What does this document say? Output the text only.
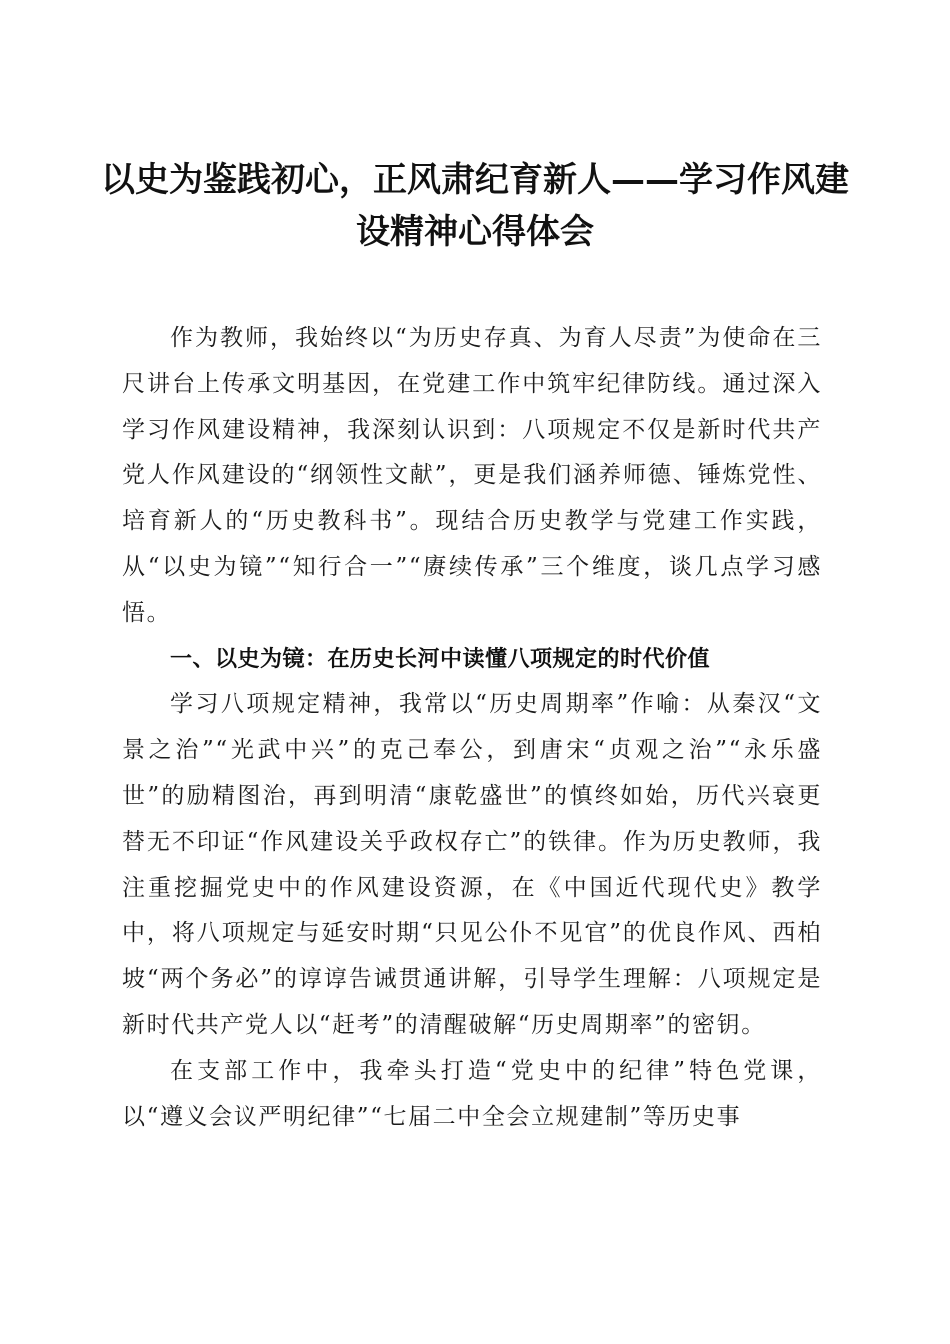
以史为鉴践初心，正风肃纪育新人——学习作风建设精神心得体会

作为教师，我始终以“为历史存真、为育人尽责”为使命在三尺讲台上传承文明基因，在党建工作中筑牢纪律防线。通过深入学习作风建设精神，我深刻认识到：八项规定不仅是新时代共产党人作风建设的“纲领性文献”，更是我们涵养师德、锤炼党性、培育新人的“历史教科书”。现结合历史教学与党建工作实践，从“以史为镜”“知行合一”“赓续传承”三个维度，谈几点学习感悟。

一、以史为镜：在历史长河中读懂八项规定的时代价值

学习八项规定精神，我常以“历史周期率”作喻：从秦汉“文景之治”“光武中兴”的克己奉公，到唐宋“贞观之治”“永乐盛世”的励精图治，再到明清“康乾盛世”的慎终如始，历代兴衰更替无不印证“作风建设关乎政权存亡”的铁律。作为历史教师，我注重挖掘党史中的作风建设资源，在《中国近代现代史》教学中，将八项规定与延安时期“只见公仆不见官”的优良作风、西柏坡“两个务必”的谆谆告诫贯通讲解，引导学生理解：八项规定是新时代共产党人以“赶考”的清醒破解“历史周期率”的密钥。

在支部工作中，我牵头打造“党史中的纪律”特色党课，以“遵义会议严明纪律”“七届二中全会立规建制”等历史事
